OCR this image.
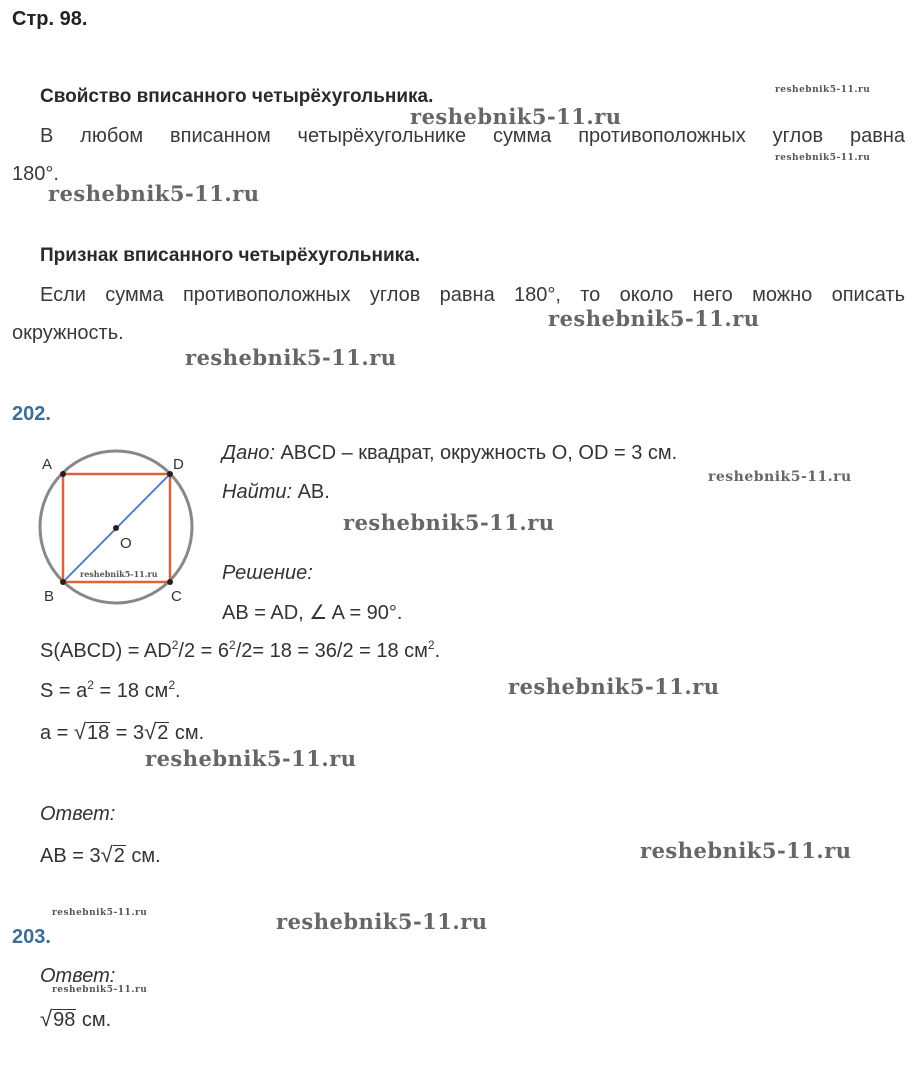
Стр. 98.
Свойство вписанного четырёхугольника.
В любом вписанном четырёхугольнике сумма противоположных углов равна
180°.
Признак вписанного четырёхугольника.
Если сумма противоположных углов равна 180°, то около него можно описать
окружность.
202.
A	D
B	C
O
reshebnik5-11.ru
Дано: ABCD – квадрат, окружность O, OD = 3 см.
Найти: AB.
Решение:
AB = AD, ∠ A = 90°.
S(ABCD) = $AD^2/2 = 6^2/2= 18 = 36/2 = 18$ $см^2$.
$S = a^2 = 18$ $см^2$.
a = √18 = 3√2 см.
Ответ:
AB = 3√2 см.
203.
Ответ:
√98 см.
reshebnik5-11.ru
reshebnik5-11.ru
reshebnik5-11.ru
reshebnik5-11.ru
reshebnik5-11.ru
reshebnik5-11.ru
reshebnik5-11.ru
reshebnik5-11.ru
reshebnik5-11.ru
reshebnik5-11.ru
reshebnik5-11.ru
reshebnik5-11.ru	reshebnik5-11.ru
reshebnik5-11.ru
